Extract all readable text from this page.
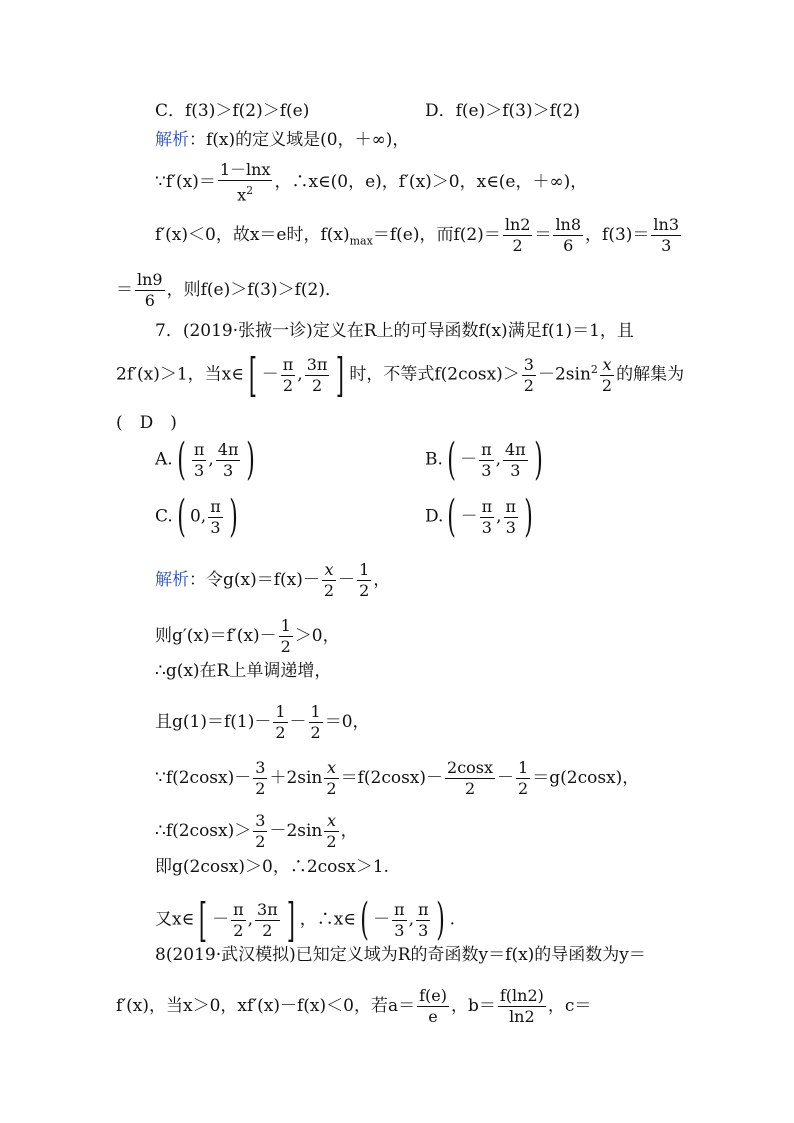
C．f(3)＞f(2)＞f(e)	D．f(e)＞f(3)＞f(2)
解析：f(x)的定义域是(0，＋∞)，
∵f′(x)＝ $\frac{1-\ln x}{x^2}$ ，∴x∈(0，e)，f′(x)＞0，x∈(e，＋∞)，
f′(x)＜0，故x＝e时，$f(x)_{max}=f(e)$，而$f(2)= \frac{\ln 2}{2} = \frac{\ln 8}{6}$ ，$f(3)= \frac{\ln 3}{3}$
＝ $\frac{\ln 9}{6}$ ，则f(e)＞f(3)＞f(2)．
7．(2019·张掖一诊)定义在R上的可导函数f(x)满足f(1)＝1，且
2f′(x)＞1，当x∈ [ － $\frac{\pi}{2}$ , $\frac{3\pi}{2}$ ] 时，不等式$f(2\cos x)> \frac{3}{2} -2\sin^2 \frac{x}{2}$ 的解集为
(　D　)
$A.( \frac{\pi}{3}$ , $\frac{4\pi}{3}$ )	$B.( - \frac{\pi}{3}$ , $\frac{4\pi}{3}$ )
C.( 0, $\frac{\pi}{3}$ )	$D.( - \frac{\pi}{3}$ , $\frac{\pi}{3}$ )
解析：令$g(x)=f(x)- \frac{x}{2} - \frac{1}{2}$ ，
则$g'(x)=f'(x)- \frac{1}{2} >0$，
∴g(x)在R上单调递增，
且$g(1)=f(1)- \frac{1}{2} - \frac{1}{2} =0$，
∵f(2cosx)－ $\frac{3}{2} +2\sin \frac{x}{2} =f(2\cos x)- \frac{2\cos x}{2} - \frac{1}{2} =g(2\cos x)$，
∴f(2cosx)＞ $\frac{3}{2} -2\sin \frac{x}{2}$ ，
即g(2cosx)＞0，∴2cosx＞1.
又x∈ [ － $\frac{\pi}{2}$ , $\frac{3\pi}{2}$ ] ，∴x∈( － $\frac{\pi}{3}$ , $\frac{\pi}{3}$ ) .
8(2019·武汉模拟)已知定义域为R的奇函数y＝f(x)的导函数为y＝
f′(x)，当x＞0，xf′(x)－f(x)＜0，若$a= \frac{f(e)}{e}$ ，$b= \frac{f(\ln 2)}{\ln 2}$ ，c＝
